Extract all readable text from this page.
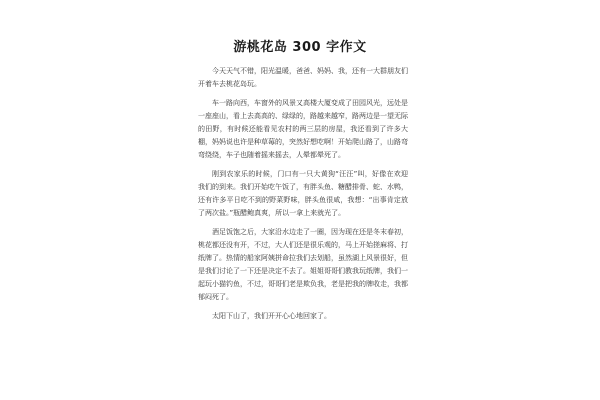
游桃花岛 300 字作文

今天天气不错，阳光温暖，爸爸、妈妈、我，还有一大群朋友们开着车去桃花岛玩。

车一路向西，车窗外的风景又高楼大厦变成了田园风光，远处是一座座山，看上去高高的、绿绿的，路越来越窄，路两边是一望无际的田野，有时候还能看见农村的两三层的房屋，我还看到了许多大棚，妈妈说也许是种草莓的，突然好想吃啊！开始爬山路了，山路弯弯绕绕，车子也随着摇来摇去，人晕都晕死了。

刚到农家乐的时候，门口有一只大黄狗“汪汪”叫，好像在欢迎我们的到来。我们开始吃午饭了，有胖头鱼、糖醋排骨、蛇、水鸭，还有许多平日吃不到的野菜野味，胖头鱼很咸，我想：“出事肯定放了两次盐。”瓶醋鲍真爽，所以一拿上来就光了。

酒足饭饱之后，大家沿水边走了一圈，因为现在还是冬末春初，桃花都还没有开，不过，大人们还是很乐观的，马上开始搓麻将、打纸牌了。热情的船家阿姨拼命拉我们去划船，虽然湖上风景很好，但是我们讨论了一下还是决定不去了。姐姐哥哥们教我玩纸牌，我们一起玩小猫钓鱼，不过，哥哥们老是欺负我，老是把我的牌收走，我都郁闷死了。

太阳下山了，我们开开心心地回家了。
